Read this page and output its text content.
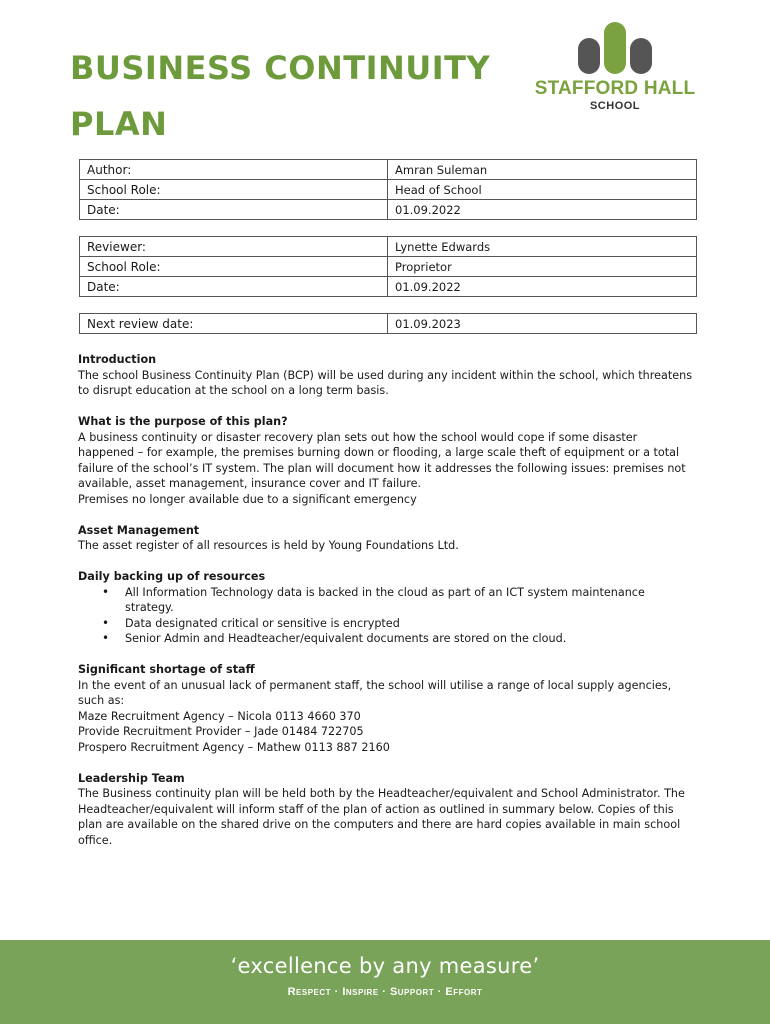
BUSINESS CONTINUITY
PLAN
STAFFORD HALL
SCHOOL
Author:	Amran Suleman
School Role:	Head of School
Date:	01.09.2022
Reviewer:	Lynette Edwards
School Role:	Proprietor
Date:	01.09.2022
Next review date:	01.09.2023
Introduction

The school Business Continuity Plan (BCP) will be used during any incident within the school, which threatens to disrupt education at the school on a long term basis.

What is the purpose of this plan?

A business continuity or disaster recovery plan sets out how the school would cope if some disaster happened – for example, the premises burning down or flooding, a large scale theft of equipment or a total failure of the school’s IT system. The plan will document how it addresses the following issues: premises not available, asset management, insurance cover and IT failure.

Premises no longer available due to a significant emergency

Asset Management

The asset register of all resources is held by Young Foundations Ltd.

Daily backing up of resources
• All Information Technology data is backed in the cloud as part of an ICT system maintenance strategy.
• Data designated critical or sensitive is encrypted
• Senior Admin and Headteacher/equivalent documents are stored on the cloud.
Significant shortage of staff

In the event of an unusual lack of permanent staff, the school will utilise a range of local supply agencies, such as:

Maze Recruitment Agency – Nicola 0113 4660 370

Provide Recruitment Provider – Jade 01484 722705

Prospero Recruitment Agency – Mathew 0113 887 2160

Leadership Team

The Business continuity plan will be held both by the Headteacher/equivalent and School Administrator. The Headteacher/equivalent will inform staff of the plan of action as outlined in summary below. Copies of this plan are available on the shared drive on the computers and there are hard copies available in main school office.

‘excellence by any measure’
Respect · Inspire · Support · Effort
